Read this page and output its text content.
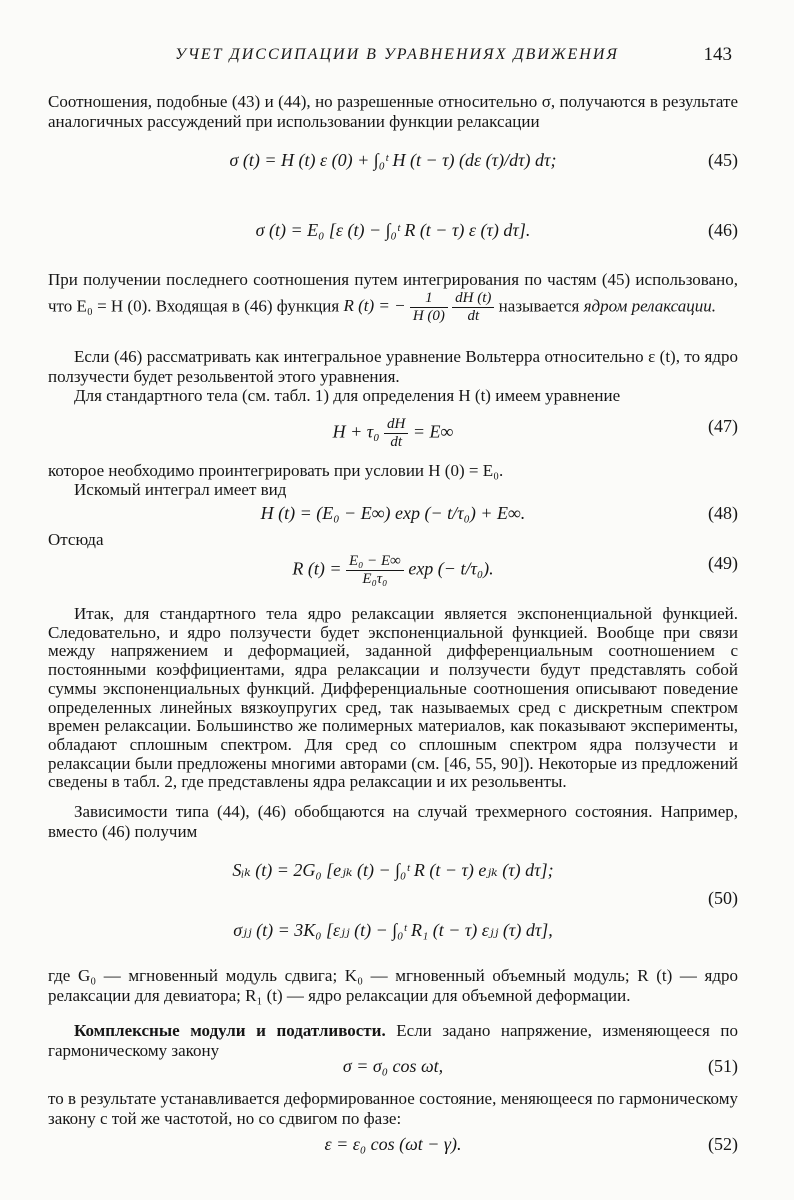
УЧЕТ ДИССИПАЦИИ В УРАВНЕНИЯХ ДВИЖЕНИЯ	143

Соотношения, подобные (43) и (44), но разрешенные относительно σ, получаются в результате аналогичных рассуждений при использовании функции релаксации

σ (t) = H (t) ε (0) + ∫₀ᵗ H (t − τ) (dε (τ)/dτ) dτ;	(45)
σ (t) = E₀ [ε (t) − ∫₀ᵗ R (t − τ) ε (τ) dτ].	(46)
При получении последнего соотношения путем интегрирования по частям (45) использовано, что E₀ = H (0). Входящая в (46) функция R (t) = − $\frac{1}{H (0)}$
$\frac{dH (t)}{dt}$ называется ядром релаксации.

Если (46) рассматривать как интегральное уравнение Вольтерра относительно ε (t), то ядро ползучести будет резольвентой этого уравнения.

Для стандартного тела (см. табл. 1) для определения H (t) имеем уравнение

$H + \tau_0 \frac{dH}{dt} = E\infty$	(47)

которое необходимо проинтегрировать при условии H (0) = E₀.

Искомый интеграл имеет вид

H (t) = (E₀ − E∞) exp (− t/τ₀) + E∞.	(48)

Отсюда

R $(t) = \frac{\text{E₀ − E∞}}{\text{E₀τ₀}}$ exp (− t/τ₀).	(49)

Итак, для стандартного тела ядро релаксации является экспоненциальной функцией. Следовательно, и ядро ползучести будет экспоненциальной функцией. Вообще при связи между напряжением и деформацией, заданной дифференциальным соотношением с постоянными коэффициентами, ядра релаксации и ползучести будут представлять собой суммы экспоненциальных функций. Дифференциальные соотношения описывают поведение определенных линейных вязкоупругих сред, так называемых сред с дискретным спектром времен релаксации. Большинство же полимерных материалов, как показывают эксперименты, обладают сплошным спектром. Для сред со сплошным спектром ядра ползучести и релаксации были предложены многими авторами (см. [46, 55, 90]). Некоторые из предложений сведены в табл. 2, где представлены ядра релаксации и их резольвенты.

Зависимости типа (44), (46) обобщаются на случай трехмерного состояния. Например, вместо (46) получим

Sᵢₖ (t) = 2G₀ [eⱼₖ (t) − ∫₀ᵗ R (t − τ) eⱼₖ (τ) dτ];
σⱼⱼ (t) = 3K₀ [εⱼⱼ (t) − ∫₀ᵗ R₁ (t − τ) εⱼⱼ (τ) dτ],
(50)

где G₀ — мгновенный модуль сдвига; K₀ — мгновенный объемный модуль; R (t) — ядро релаксации для девиатора; R₁ (t) — ядро релаксации для объемной деформации.

Комплексные модули и податливости. Если задано напряжение, изменяющееся по гармоническому закону

σ = σ₀ cos ωt,	(51)

то в результате устанавливается деформированное состояние, меняющееся по гармоническому закону с той же частотой, но со сдвигом по фазе:

ε = ε₀ cos (ωt − γ).	(52)
